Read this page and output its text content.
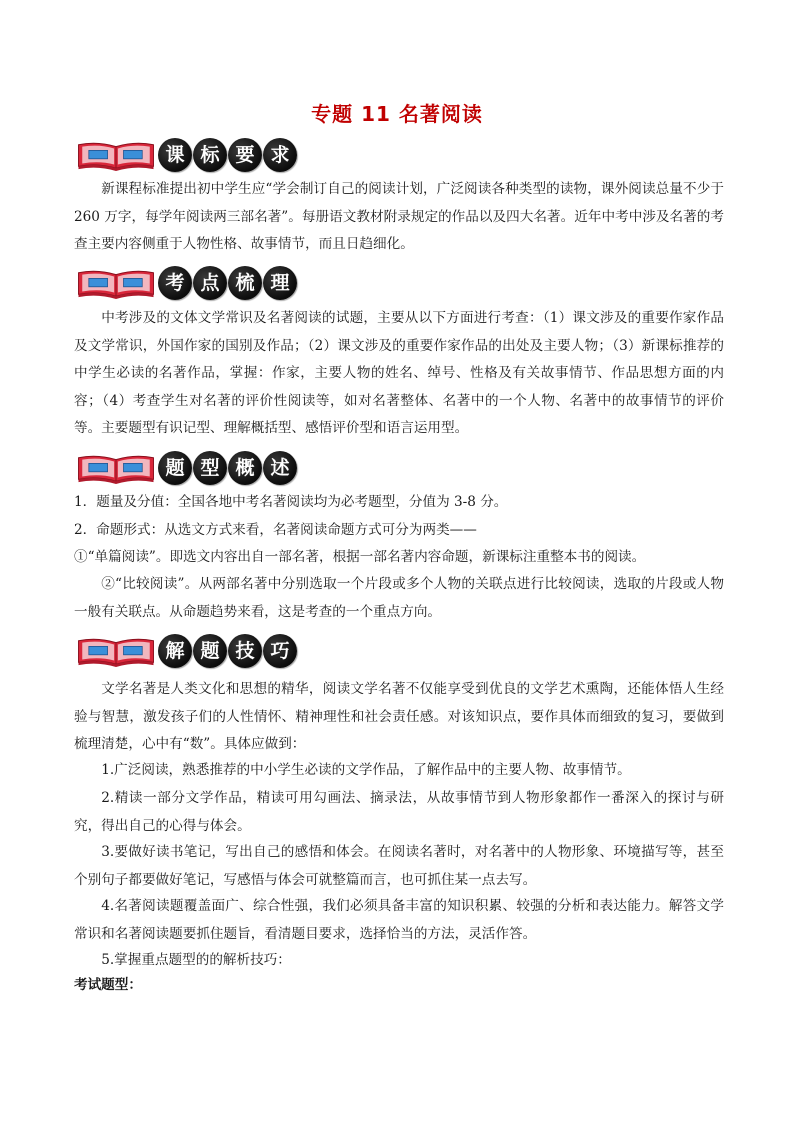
专题 11 名著阅读
课 标 要 求

新课程标准提出初中学生应“学会制订自己的阅读计划，广泛阅读各种类型的读物，课外阅读总量不少于 260 万字，每学年阅读两三部名著”。每册语文教材附录规定的作品以及四大名著。近年中考中涉及名著的考查主要内容侧重于人物性格、故事情节，而且日趋细化。

考 点 梳 理

中考涉及的文体文学常识及名著阅读的试题，主要从以下方面进行考查：（1）课文涉及的重要作家作品及文学常识，外国作家的国别及作品；（2）课文涉及的重要作家作品的出处及主要人物；（3）新课标推荐的中学生必读的名著作品，掌握：作家，主要人物的姓名、绰号、性格及有关故事情节、作品思想方面的内容；（4）考查学生对名著的评价性阅读等，如对名著整体、名著中的一个人物、名著中的故事情节的评价等。主要题型有识记型、理解概括型、感悟评价型和语言运用型。

题 型 概 述

1．题量及分值：全国各地中考名著阅读均为必考题型，分值为 3-8 分。

2．命题形式：从选文方式来看，名著阅读命题方式可分为两类——

①“单篇阅读”。即选文内容出自一部名著，根据一部名著内容命题，新课标注重整本书的阅读。

②“比较阅读”。从两部名著中分别选取一个片段或多个人物的关联点进行比较阅读，选取的片段或人物一般有关联点。从命题趋势来看，这是考查的一个重点方向。

解 题 技 巧

文学名著是人类文化和思想的精华，阅读文学名著不仅能享受到优良的文学艺术熏陶，还能体悟人生经验与智慧，激发孩子们的人性情怀、精神理性和社会责任感。对该知识点，要作具体而细致的复习，要做到梳理清楚，心中有“数”。具体应做到：

1.广泛阅读，熟悉推荐的中小学生必读的文学作品，了解作品中的主要人物、故事情节。

2.精读一部分文学作品，精读可用勾画法、摘录法，从故事情节到人物形象都作一番深入的探讨与研究，得出自己的心得与体会。

3.要做好读书笔记，写出自己的感悟和体会。在阅读名著时，对名著中的人物形象、环境描写等，甚至个别句子都要做好笔记，写感悟与体会可就整篇而言，也可抓住某一点去写。

4.名著阅读题覆盖面广、综合性强，我们必须具备丰富的知识积累、较强的分析和表达能力。解答文学常识和名著阅读题要抓住题旨，看清题目要求，选择恰当的方法，灵活作答。

5.掌握重点题型的的解析技巧：

考试题型：
